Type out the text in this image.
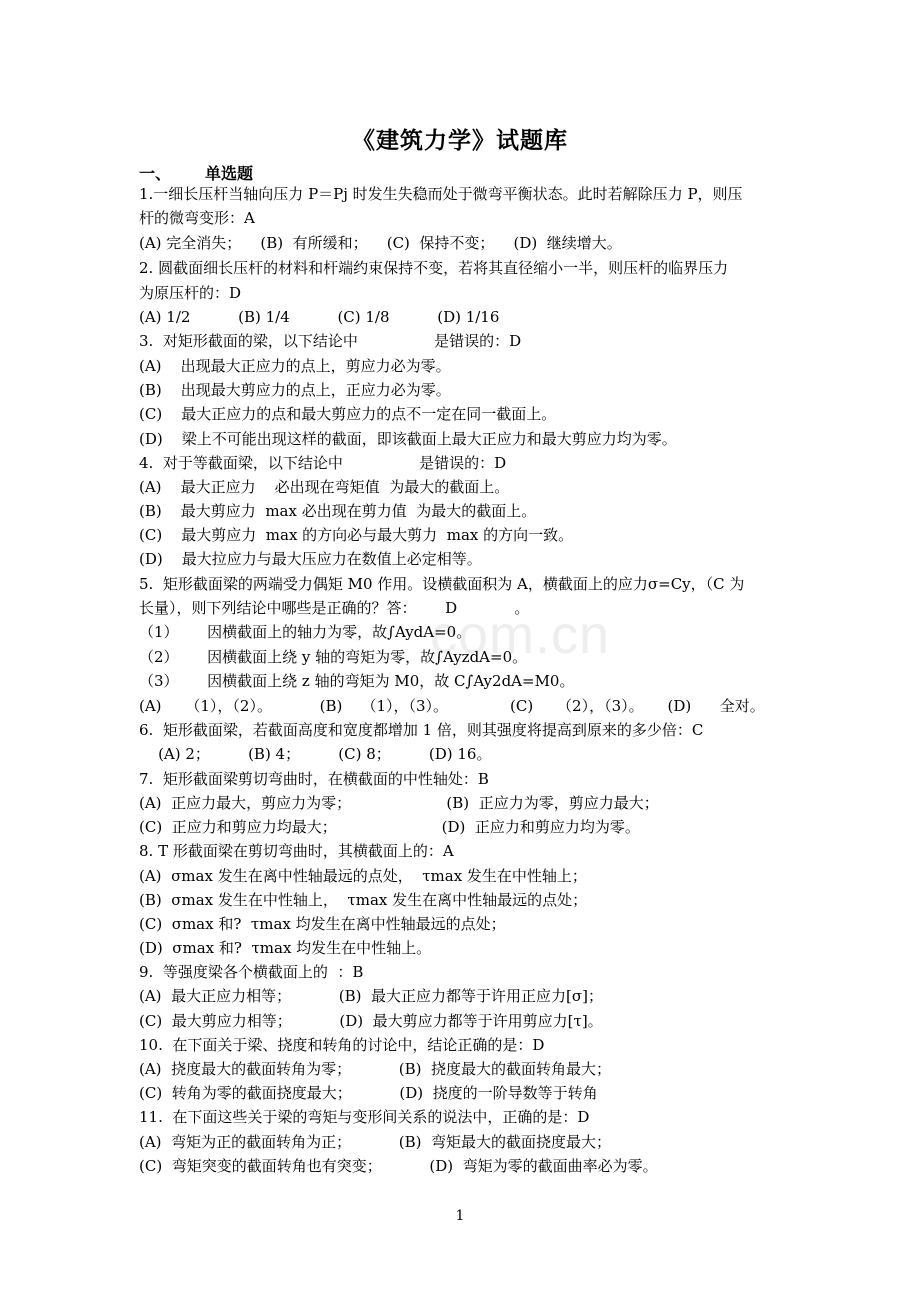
com.cn
《建筑力学》试题库
一、 单选题
1.一细长压杆当轴向压力 P＝Pj 时发生失稳而处于微弯平衡状态。此时若解除压力 P，则压
杆的微弯变形：A
(A) 完全消失；    (B)  有所缓和；    (C)  保持不变；    (D)  继续增大。
2. 圆截面细长压杆的材料和杆端约束保持不变，若将其直径缩小一半，则压杆的临界压力
为原压杆的：D
(A) 1/2          (B) 1/4          (C) 1/8          (D) 1/16
3.  对矩形截面的梁，以下结论中                是错误的：D
(A)    出现最大正应力的点上，剪应力必为零。
(B)    出现最大剪应力的点上，正应力必为零。
(C)    最大正应力的点和最大剪应力的点不一定在同一截面上。
(D)    梁上不可能出现这样的截面，即该截面上最大正应力和最大剪应力均为零。
4.  对于等截面梁，以下结论中                是错误的：D
(A)    最大正应力    必出现在弯矩值  为最大的截面上。
(B)    最大剪应力  max 必出现在剪力值  为最大的截面上。
(C)    最大剪应力  max 的方向必与最大剪力  max 的方向一致。
(D)    最大拉应力与最大压应力在数值上必定相等。
5.  矩形截面梁的两端受力偶矩 M0 作用。设横截面积为 A，横截面上的应力σ=Cy，（C 为
长量），则下列结论中哪些是正确的？答：      D            。
（1）      因横截面上的轴力为零，故∫AydA=0。
（2）      因横截面上绕 y 轴的弯矩为零，故∫AyzdA=0。
（3）      因横截面上绕 z 轴的弯矩为 M0，故 C∫Ay2dA=M0。
(A)     （1），（2）。          (B)    （1），（3）。             (C)     （2），（3）。     (D)      全对。
6.  矩形截面梁，若截面高度和宽度都增加 1 倍，则其强度将提高到原来的多少倍：C
(A) 2；        (B) 4；        (C) 8；        (D) 16。
7.  矩形截面梁剪切弯曲时，在横截面的中性轴处：B
(A)  正应力最大，剪应力为零；                    (B)  正应力为零，剪应力最大；
(C)  正应力和剪应力均最大；                      (D)  正应力和剪应力均为零。
8. T 形截面梁在剪切弯曲时，其横截面上的：A
(A)  σmax 发生在离中性轴最远的点处，  τmax 发生在中性轴上；
(B)  σmax 发生在中性轴上，  τmax 发生在离中性轴最远的点处；
(C)  σmax 和?  τmax 均发生在离中性轴最远的点处；
(D)  σmax 和?  τmax 均发生在中性轴上。
9.  等强度梁各个横截面上的  ：B
(A)  最大正应力相等；          (B)  最大正应力都等于许用正应力[σ]；
(C)  最大剪应力相等；          (D)  最大剪应力都等于许用剪应力[τ]。
10.  在下面关于梁、挠度和转角的讨论中，结论正确的是：D
(A)  挠度最大的截面转角为零；          (B)  挠度最大的截面转角最大；
(C)  转角为零的截面挠度最大；          (D)  挠度的一阶导数等于转角
11.  在下面这些关于梁的弯矩与变形间关系的说法中，正确的是：D
(A)  弯矩为正的截面转角为正；          (B)  弯矩最大的截面挠度最大；
(C)  弯矩突变的截面转角也有突变；          (D)  弯矩为零的截面曲率必为零。
1
